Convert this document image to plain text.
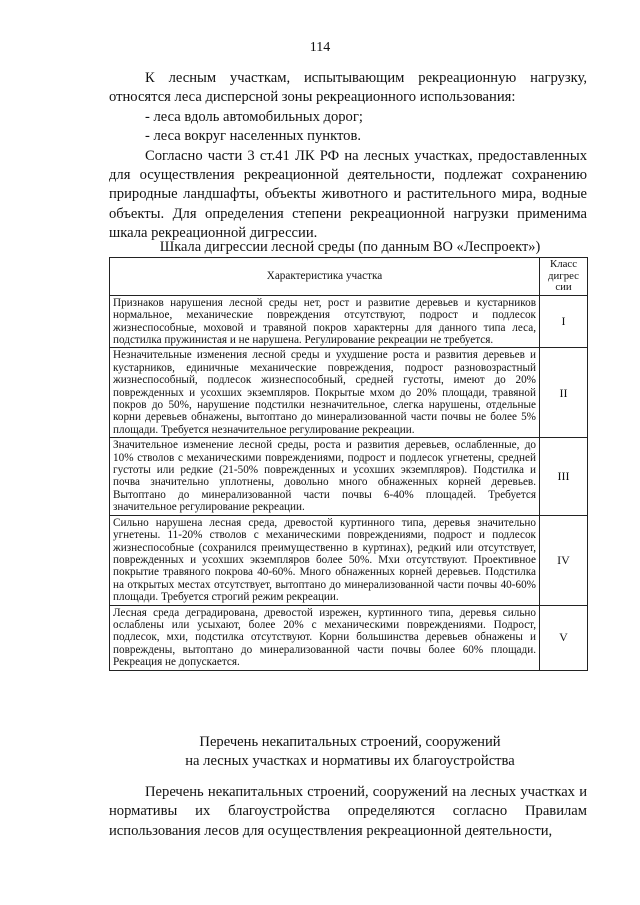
114

К лесным участкам, испытывающим рекреационную нагрузку, относятся леса дисперсной зоны рекреационного использования:

- леса вдоль автомобильных дорог;

- леса вокруг населенных пунктов.

Согласно части 3 ст.41 ЛК РФ на лесных участках, предоставленных для осуществления рекреационной деятельности, подлежат сохранению природные ландшафты, объекты животного и растительного мира, водные объекты. Для определения степени рекреационной нагрузки применима шкала рекреационной дигрессии.

Шкала дигрессии лесной среды (по данным ВО «Леспроект»)
Характеристика участка	Класс дигрес сии
Признаков нарушения лесной среды нет, рост и развитие деревьев и кустарников нормальное, механические повреждения отсутствуют, подрост и подлесок жизнеспособные, моховой и травяной покров характерны для данного типа леса, подстилка пружинистая и не нарушена. Регулирование рекреации не требуется.	I
Незначительные изменения лесной среды и ухудшение роста и развития деревьев и кустарников, единичные механические повреждения, подрост разновозрастный жизнеспособный, подлесок жизнеспособный, средней густоты, имеют до 20% поврежденных и усохших экземпляров. Покрытые мхом до 20% площади, травяной покров до 50%, нарушение подстилки незначительное, слегка нарушены, отдельные корни деревьев обнажены, вытоптано до минерализованной части почвы не более 5% площади. Требуется незначительное регулирование рекреации.	II
Значительное изменение лесной среды, роста и развития деревьев, ослабленные, до 10% стволов с механическими повреждениями, подрост и подлесок угнетены, средней густоты или редкие (21-50% поврежденных и усохших экземпляров). Подстилка и почва значительно уплотнены, довольно много обнаженных корней деревьев. Вытоптано до минерализованной части почвы 6-40% площадей. Требуется значительное регулирование рекреации.	III
Сильно нарушена лесная среда, древостой куртинного типа, деревья значительно угнетены. 11-20% стволов с механическими повреждениями, подрост и подлесок жизнеспособные (сохранился преимущественно в куртинах), редкий или отсутствует, поврежденных и усохших экземпляров более 50%. Мхи отсутствуют. Проективное покрытие травяного покрова 40-60%. Много обнаженных корней деревьев. Подстилка на открытых местах отсутствует, вытоптано до минерализованной части почвы 40-60% площади. Требуется строгий режим рекреации.	IV
Лесная среда деградирована, древостой изрежен, куртинного типа, деревья сильно ослаблены или усыхают, более 20% с механическими повреждениями. Подрост, подлесок, мхи, подстилка отсутствуют. Корни большинства деревьев обнажены и повреждены, вытоптано до минерализованной части почвы более 60% площади. Рекреация не допускается.	V
Перечень некапитальных строений, сооружений
на лесных участках и нормативы их благоустройства

Перечень некапитальных строений, сооружений на лесных участках и нормативы их благоустройства определяются согласно Правилам использования лесов для осуществления рекреационной деятельности,
